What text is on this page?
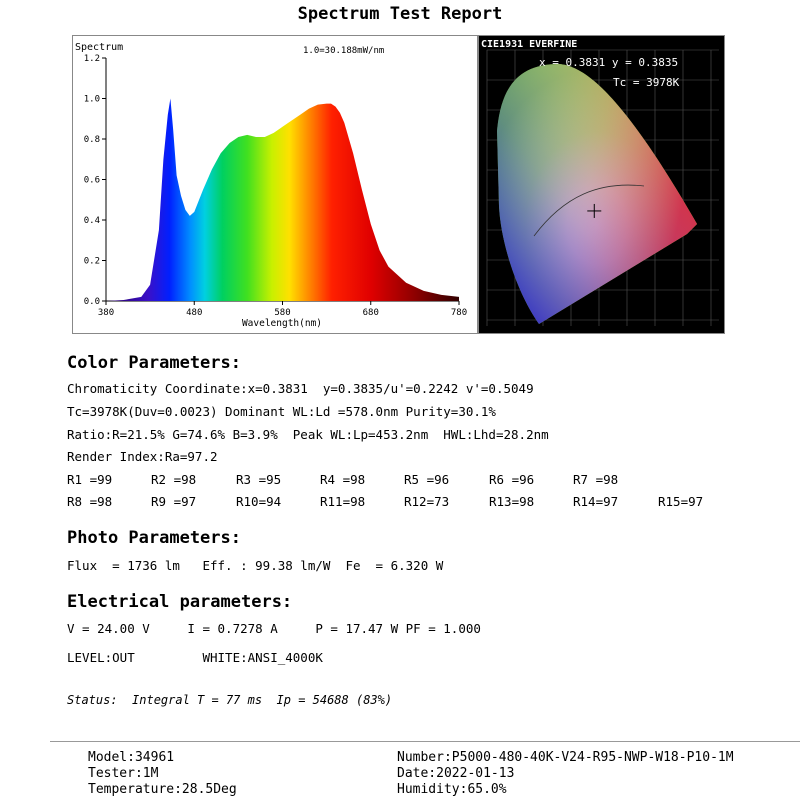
Spectrum Test Report
Spectrum	1.0=30.188mW/nm
0.0
0.2
0.4
0.6
0.8
1.0
1.2
380	480	580	680	780
Wavelength(nm)
CIE1931 EVERFINE
x = 0.3831 y = 0.3835
Tc = 3978K
Color Parameters:
Chromaticity Coordinate:x=0.3831  y=0.3835/u'=0.2242 v'=0.5049
Tc=3978K(Duv=0.0023) Dominant WL:Ld =578.0nm Purity=30.1%
Ratio:R=21.5% G=74.6% B=3.9%  Peak WL:Lp=453.2nm  HWL:Lhd=28.2nm
Render Index:Ra=97.2
R1 =99	R2 =98	R3 =95	R4 =98	R5 =96	R6 =96	R7 =98
R8 =98	R9 =97	R10=94	R11=98	R12=73	R13=98	R14=97	R15=97
Photo Parameters:
Flux  = 1736 lm   Eff. : 99.38 lm/W  Fe  = 6.320 W
Electrical parameters:
V = 24.00 V     I = 0.7278 A     P = 17.47 W PF = 1.000
LEVEL:OUT         WHITE:ANSI_4000K
Status:  Integral T = 77 ms  Ip = 54688 (83%)
Model:34961
Tester:1M
Temperature:28.5Deg
Number:P5000-480-40K-V24-R95-NWP-W18-P10-1M
Date:2022-01-13
Humidity:65.0%
